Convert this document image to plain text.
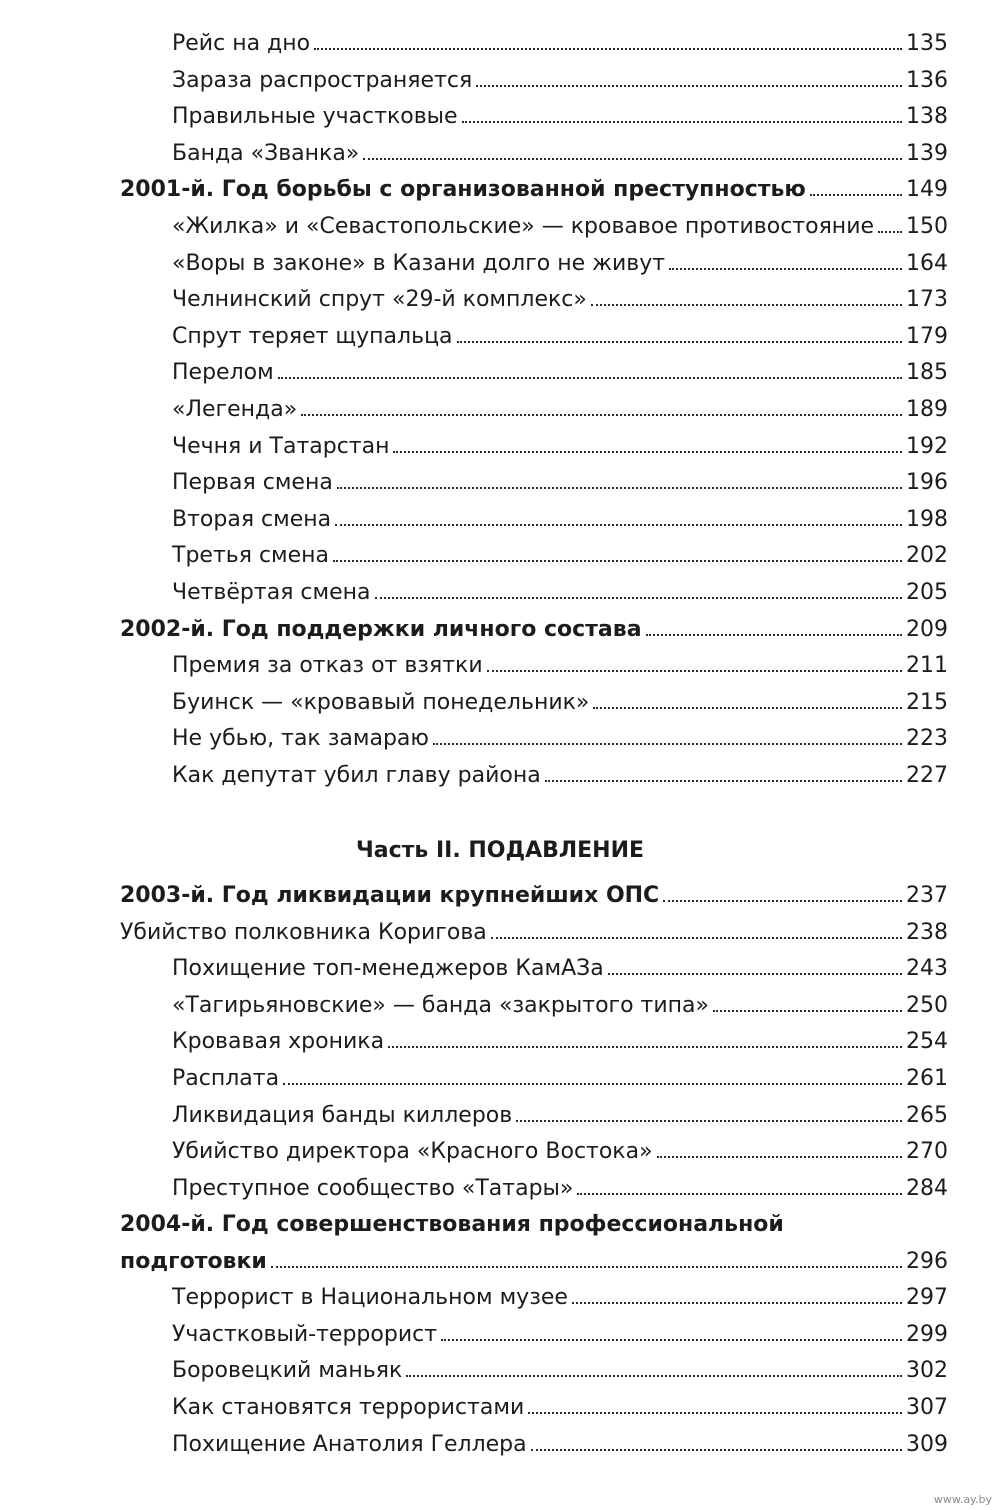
Рейс на дно	135
Зараза распространяется	136
Правильные участковые	138
Банда «Званка»	139
2001-й. Год борьбы с организованной преступностью	149
«Жилка» и «Севастопольские» — кровавое противостояние 150
«Воры в законе» в Казани долго не живут	164
Челнинский спрут «29-й комплекс»	173
Спрут теряет щупальца	179
Перелом	185
«Легенда»	189
Чечня и Татарстан	192
Первая смена	196
Вторая смена	198
Третья смена	202
Четвёртая смена	205
2002-й. Год поддержки личного состава	209
Премия за отказ от взятки	211
Буинск — «кровавый понедельник»	215
Не убью, так замараю	223
Как депутат убил главу района	227
Часть II. ПОДАВЛЕНИЕ
2003-й. Год ликвидации крупнейших ОПС	237
Убийство полковника Коригова	238
Похищение топ-менеджеров КамАЗа	243
«Тагирьяновские» — банда «закрытого типа»	250
Кровавая хроника	254
Расплата	261
Ликвидация банды киллеров	265
Убийство директора «Красного Востока»	270
Преступное сообщество «Татары»	284
2004-й. Год совершенствования профессиональной
подготовки	296
Террорист в Национальном музее	297
Участковый-террорист	299
Боровецкий маньяк	302
Как становятся террористами	307
Похищение Анатолия Геллера	309
www.ay.by
